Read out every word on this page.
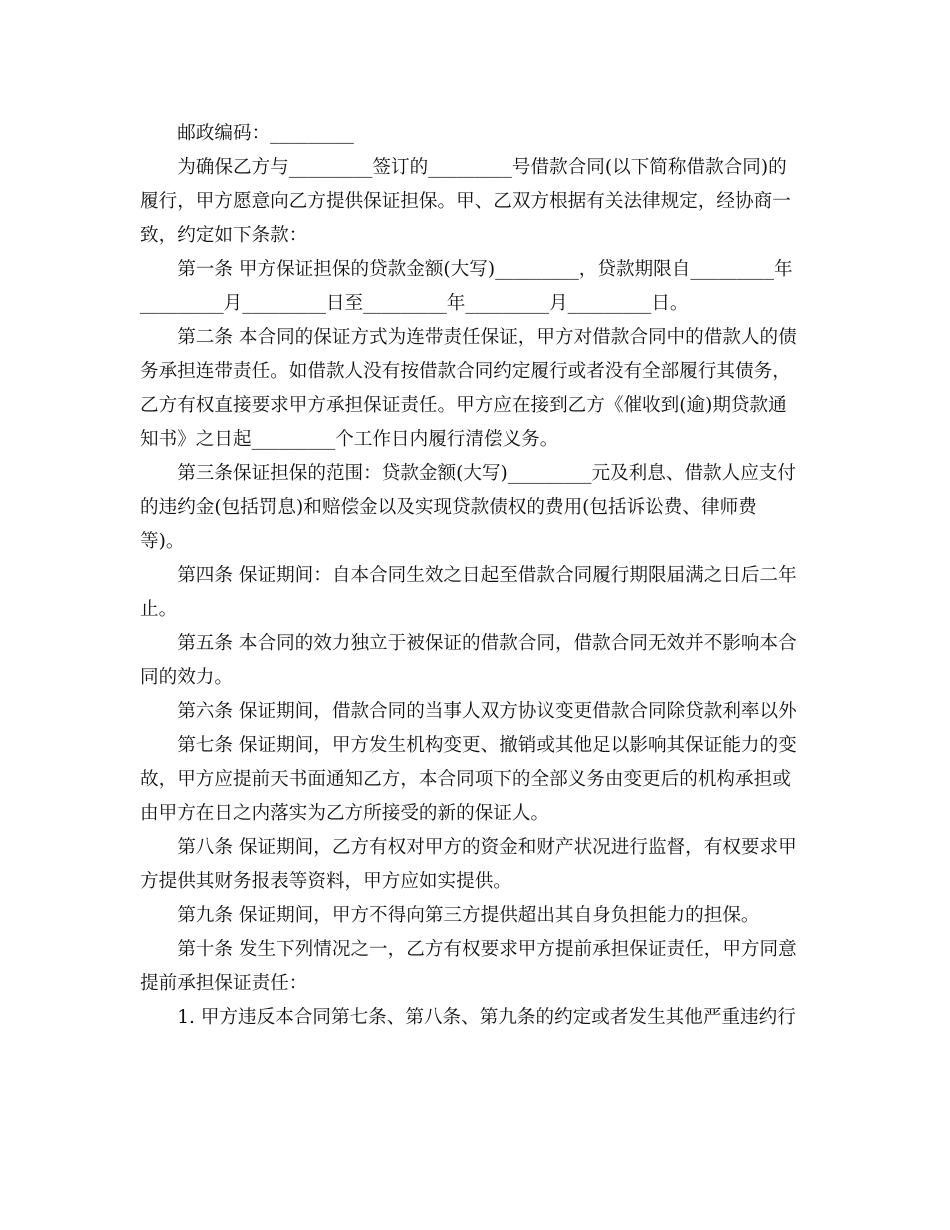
　　邮政编码：_________
　　为确保乙方与_________签订的_________号借款合同(以下简称借款合同)的
履行，甲方愿意向乙方提供保证担保。甲、乙双方根据有关法律规定，经协商一
致，约定如下条款：
　　第一条 甲方保证担保的贷款金额(大写)_________，贷款期限自_________年
_________月_________日至_________年_________月_________日。
　　第二条 本合同的保证方式为连带责任保证，甲方对借款合同中的借款人的债
务承担连带责任。如借款人没有按借款合同约定履行或者没有全部履行其债务，
乙方有权直接要求甲方承担保证责任。甲方应在接到乙方《催收到(逾)期贷款通
知书》之日起_________个工作日内履行清偿义务。
　　第三条保证担保的范围：贷款金额(大写)_________元及利息、借款人应支付
的违约金(包括罚息)和赔偿金以及实现贷款债权的费用(包括诉讼费、律师费
等)。
　　第四条 保证期间：自本合同生效之日起至借款合同履行期限届满之日后二年
止。
　　第五条 本合同的效力独立于被保证的借款合同，借款合同无效并不影响本合
同的效力。
　　第六条 保证期间，借款合同的当事人双方协议变更借款合同除贷款利率以外
　　第七条 保证期间，甲方发生机构变更、撤销或其他足以影响其保证能力的变
故，甲方应提前天书面通知乙方，本合同项下的全部义务由变更后的机构承担或
由甲方在日之内落实为乙方所接受的新的保证人。
　　第八条 保证期间，乙方有权对甲方的资金和财产状况进行监督，有权要求甲
方提供其财务报表等资料，甲方应如实提供。
　　第九条 保证期间，甲方不得向第三方提供超出其自身负担能力的担保。
　　第十条 发生下列情况之一，乙方有权要求甲方提前承担保证责任，甲方同意
提前承担保证责任：
　　1. 甲方违反本合同第七条、第八条、第九条的约定或者发生其他严重违约行
